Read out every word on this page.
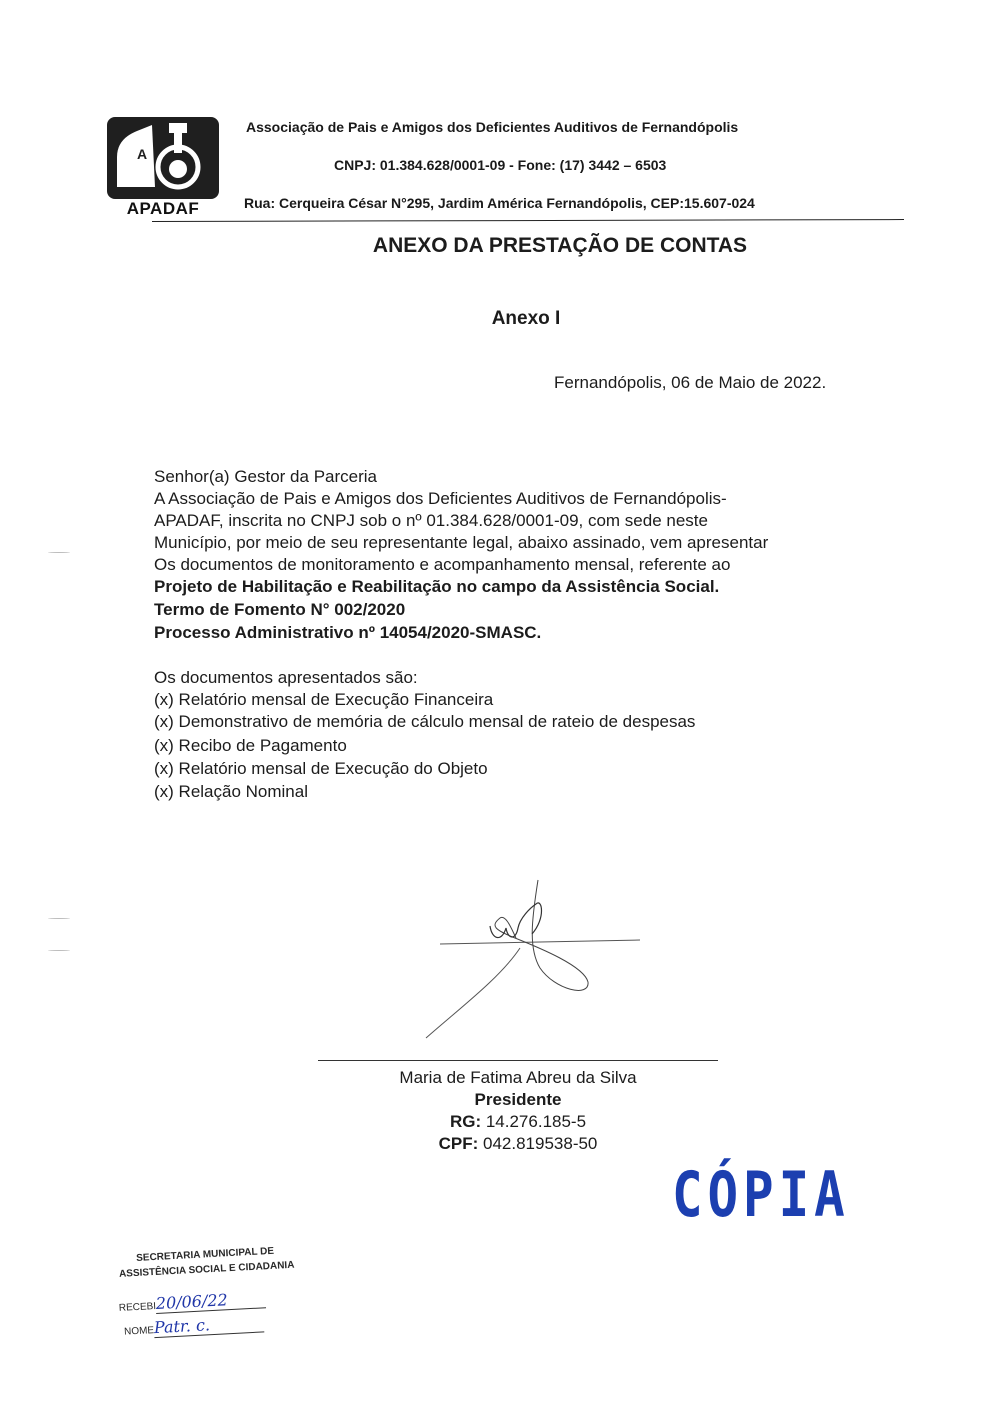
A
APADAF
Associação de Pais e Amigos dos Deficientes Auditivos de Fernandópolis
CNPJ: 01.384.628/0001-09 - Fone: (17) 3442 – 6503
Rua: Cerqueira César N°295, Jardim América Fernandópolis, CEP:15.607-024
ANEXO DA PRESTAÇÃO DE CONTAS
Anexo I
Fernandópolis, 06 de Maio de 2022.
Senhor(a) Gestor da Parceria
A Associação de Pais e Amigos dos Deficientes Auditivos de Fernandópolis-
APADAF, inscrita no CNPJ sob o nº 01.384.628/0001-09, com sede neste
Município, por meio de seu representante legal, abaixo assinado, vem apresentar
Os documentos de monitoramento e acompanhamento mensal, referente ao
Projeto de Habilitação e Reabilitação no campo da Assistência Social.
Termo de Fomento N° 002/2020
Processo Administrativo nº 14054/2020-SMASC.
Os documentos apresentados são:
(x) Relatório mensal de Execução Financeira
(x) Demonstrativo de memória de cálculo mensal de rateio de despesas
(x) Recibo de Pagamento
(x) Relatório mensal de Execução do Objeto
(x) Relação Nominal
Maria de Fatima Abreu da Silva
Presidente
RG: 14.276.185-5
CPF: 042.819538-50
CÓPIA
SECRETARIA MUNICIPAL DE
ASSISTÊNCIA SOCIAL E CIDADANIA
RECEBI20/06/22
NOMEPatr. c.
